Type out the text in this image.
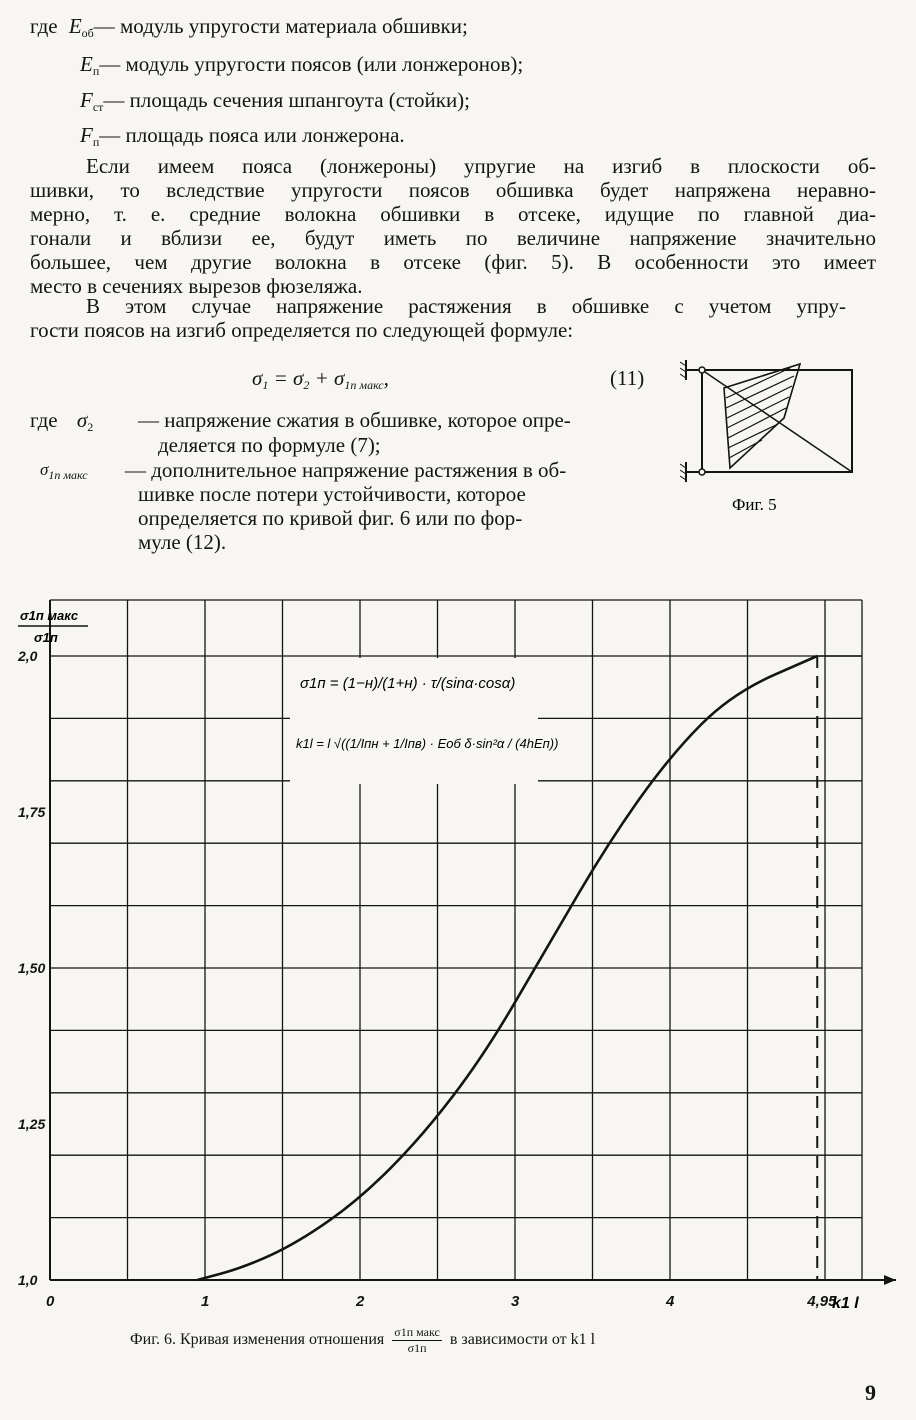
где $E_{об}—$ модуль упругости материала обшивки;
$E_п—$ модуль упругости поясов (или лонжеронов);
$F_{ст}—$ площадь сечения шпангоута (стойки);
$F_п—$ площадь пояса или лонжерона.
Если имеем пояса (лонжероны) упругие на изгиб в плоскости об-
шивки, то вследствие упругости поясов обшивка будет напряжена неравно-
мерно, т. е. средние волокна обшивки в отсеке, идущие по главной диа-
гонали и вблизи ее, будут иметь по величине напряжение значительно
большее, чем другие волокна в отсеке (фиг. 5). В особенности это имеет
место в сечениях вырезов фюзеляжа.
В этом случае напряжение растяжения в обшивке с учетом упру-
гости поясов на изгиб определяется по следующей формуле:
$\sigma_1 = \sigma_2 + \sigma_{1п макс}$,	(11)
где $\sigma_2$ — напряжение сжатия в обшивке, которое опре-
деляется по формуле (7);
$\sigma_{1п макс}$ — дополнительное напряжение растяжения в об-
шивке после потери устойчивости, которое
определяется по кривой фиг. 6 или по фор-
муле (12).
Фиг. 5
0	1	2	3	4	4,95
1,0
1,25
1,50
1,75
2,0
σ1п макс
σ1п
k1 l
σ1п = (1−н)/(1+н) · τ/(sinα·cosα)
k1l = l √((1/Iпн + 1/Iпв) · Eоб δ·sin²α / (4hEп))
Фиг. 6. Кривая изменения отношения $\frac{\text{σ1п макс}}{\sigma 1п}$ в зависимости от k1 l
9
